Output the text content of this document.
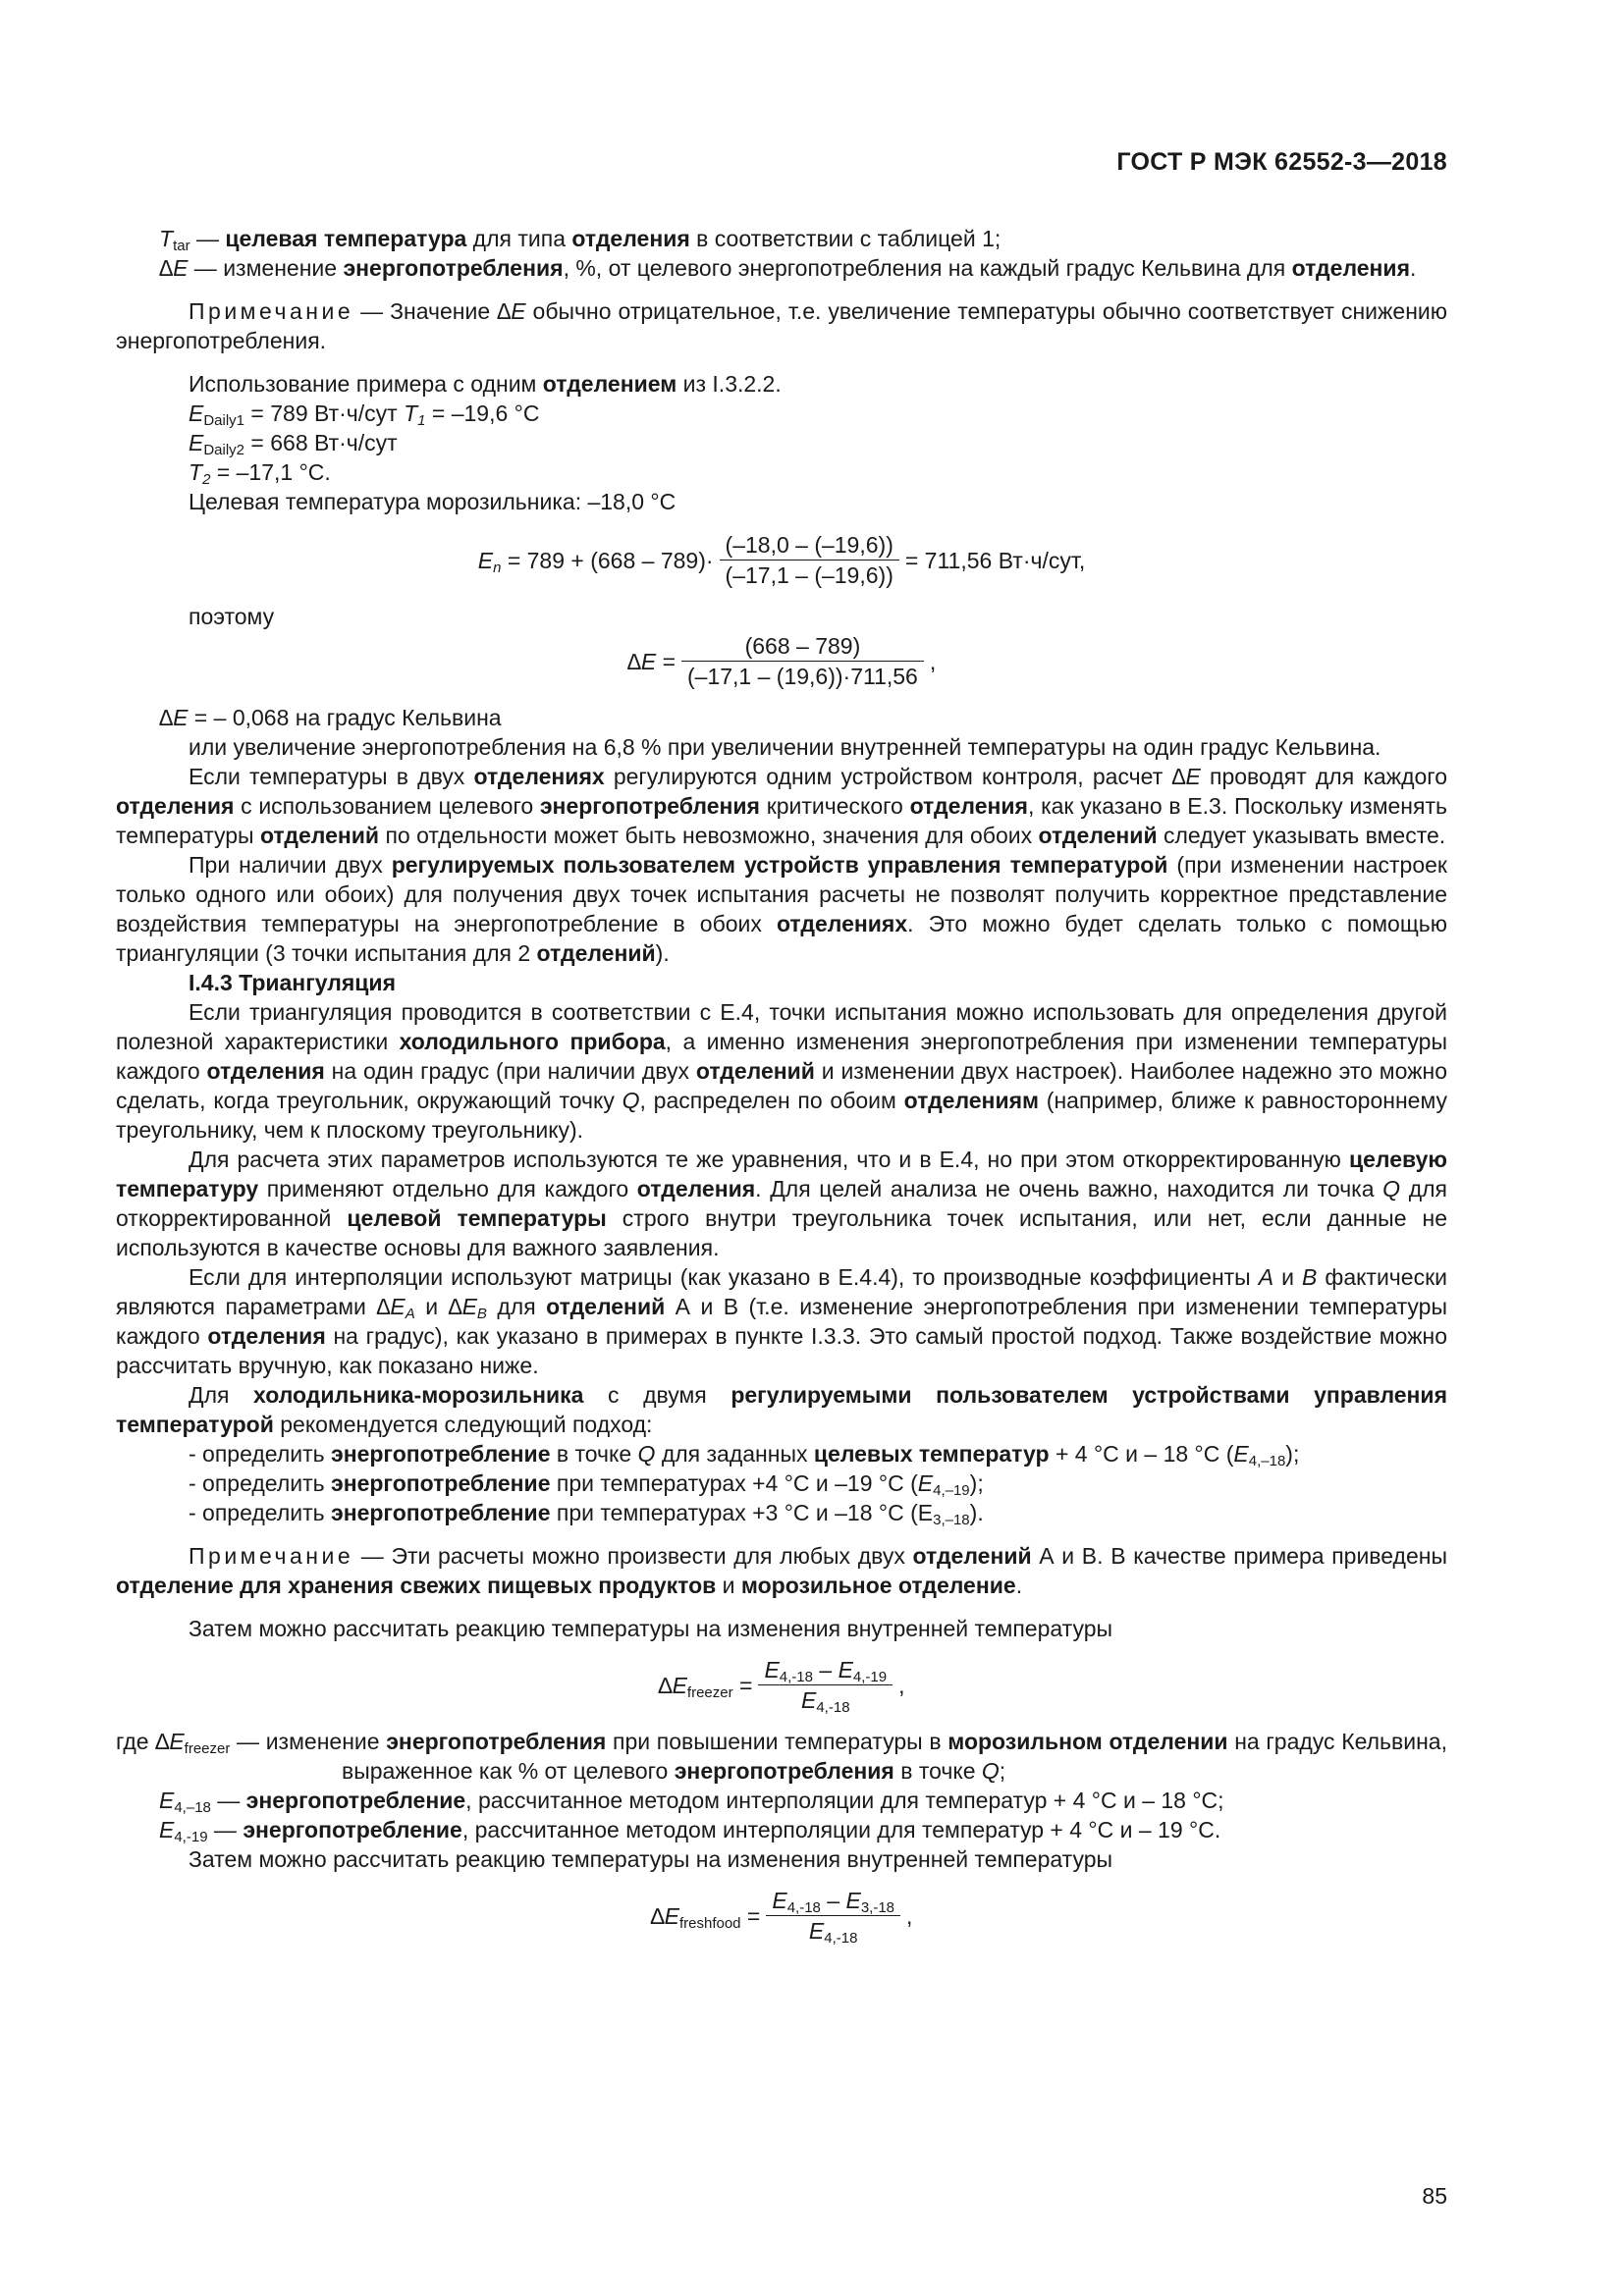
ГОСТ Р МЭК 62552-3—2018

$T_{tar}$ — целевая температура для типа отделения в соответствии с таблицей 1;

∆E — изменение энергопотребления, %, от целевого энергопотребления на каждый градус Кельвина для отделения.

Примечание — Значение ∆E обычно отрицательное, т.е. увеличение температуры обычно соответствует снижению энергопотребления.

Использование примера с одним отделением из I.3.2.2.

$E_{Daily1} = 789$ Вт·ч/сут $T_1 = -19,6$ °C

$E_{Daily2} = 668$ Вт·ч/сут

$T_2 = -17,1$ °C.

Целевая температура морозильника: –18,0 °C

$E_n = 789 + (668 - 789)\cdot \frac{(-18,0 - (-19,6))}{(-17,1 - (-19,6))} = 711,56$ Вт·ч/сут,

поэтому

$\Delta E = \frac{(668 - 789)}{(-17,1 - (19,6))\cdot 711,56}$ ,

∆E = – 0,068 на градус Кельвина

или увеличение энергопотребления на 6,8 % при увеличении внутренней температуры на один градус Кельвина.

Если температуры в двух отделениях регулируются одним устройством контроля, расчет ∆E проводят для каждого отделения с использованием целевого энергопотребления критического отделения, как указано в Е.3. Поскольку изменять температуры отделений по отдельности может быть невозможно, значения для обоих отделений следует указывать вместе.

При наличии двух регулируемых пользователем устройств управления температурой (при изменении настроек только одного или обоих) для получения двух точек испытания расчеты не позволят получить корректное представление воздействия температуры на энергопотребление в обоих отделениях. Это можно будет сделать только с помощью триангуляции (3 точки испытания для 2 отделений).

I.4.3 Триангуляция

Если триангуляция проводится в соответствии с Е.4, точки испытания можно использовать для определения другой полезной характеристики холодильного прибора, а именно изменения энергопотребления при изменении температуры каждого отделения на один градус (при наличии двух отделений и изменении двух настроек). Наиболее надежно это можно сделать, когда треугольник, окружающий точку Q, распределен по обоим отделениям (например, ближе к равностороннему треугольнику, чем к плоскому треугольнику).

Для расчета этих параметров используются те же уравнения, что и в Е.4, но при этом откорректированную целевую температуру применяют отдельно для каждого отделения. Для целей анализа не очень важно, находится ли точка Q для откорректированной целевой температуры строго внутри треугольника точек испытания, или нет, если данные не используются в качестве основы для важного заявления.

Если для интерполяции используют матрицы (как указано в Е.4.4), то производные коэффициенты A и B фактически являются параметрами $\Delta E_A$ и $\Delta E_B$ для отделений А и В (т.е. изменение энергопотребления при изменении температуры каждого отделения на градус), как указано в примерах в пункте I.3.3. Это самый простой подход. Также воздействие можно рассчитать вручную, как показано ниже.

Для холодильника-морозильника с двумя регулируемыми пользователем устройствами управления температурой рекомендуется следующий подход:

- определить энергопотребление в точке Q для заданных целевых температур + 4 °C и – 18 °C $(E_{4,-18})$;

- определить энергопотребление при температурах +4 °C и –19 °C $(E_{4,-19})$;

- определить энергопотребление при температурах +3 °C и –18 °C $(E_{3,-18})$.

Примечание — Эти расчеты можно произвести для любых двух отделений А и В. В качестве примера приведены отделение для хранения свежих пищевых продуктов и морозильное отделение.

Затем можно рассчитать реакцию температуры на изменения внутренней температуры

$\Delta E_{freezer} = \frac{E_{4,-18} - E_{4,-19}}{E_{4,-18}}$ ,

где $\Delta E_{freezer}$ — изменение энергопотребления при повышении температуры в морозильном отделении на градус Кельвина, выраженное как % от целевого энергопотребления в точке Q;

$E_{4,-18}$ — энергопотребление, рассчитанное методом интерполяции для температур + 4 °C и – 18 °C;

$E_{4,-19}$ — энергопотребление, рассчитанное методом интерполяции для температур + 4 °C и – 19 °C.

Затем можно рассчитать реакцию температуры на изменения внутренней температуры

$\Delta E_{freshfood} = \frac{E_{4,-18} - E_{3,-18}}{E_{4,-18}}$ ,
85
